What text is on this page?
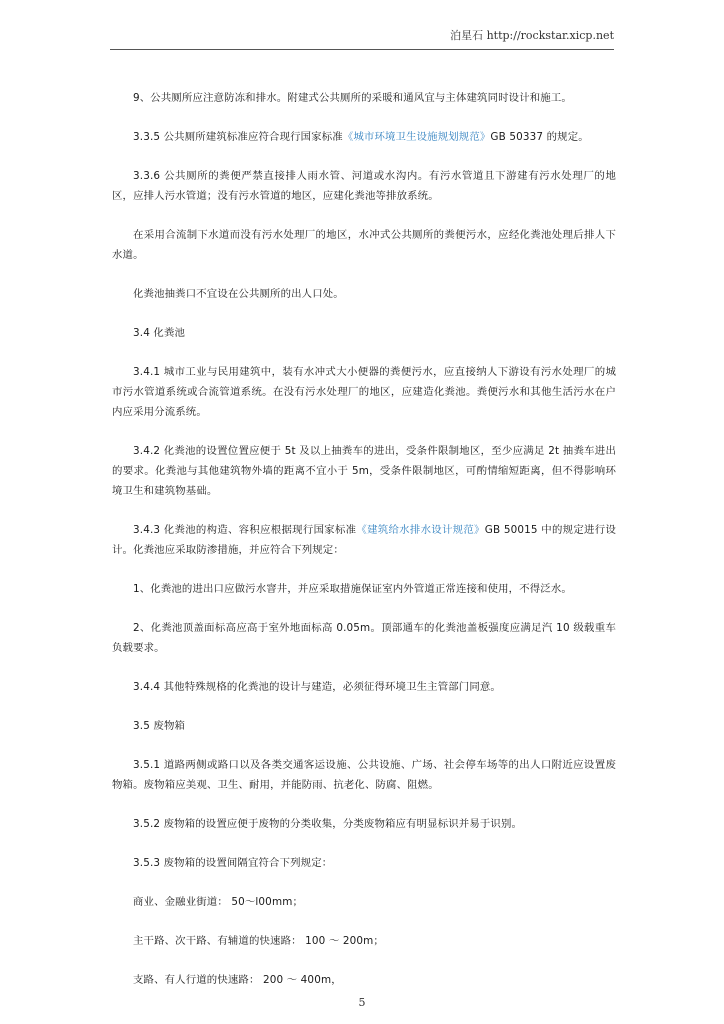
泊星石 http://rockstar.xicp.net

9、公共厕所应注意防冻和排水。附建式公共厕所的采暖和通风宜与主体建筑同时设计和施工。

3.3.5 公共厕所建筑标准应符合现行国家标准《城市环境卫生设施规划规范》GB 50337 的规定。

3.3.6 公共厕所的粪便严禁直接排人雨水管、河道或水沟内。有污水管道且下游建有污水处理厂的地区，应排人污水管道；没有污水管道的地区，应建化粪池等排放系统。

在采用合流制下水道而没有污水处理厂的地区，水冲式公共厕所的粪便污水，应经化粪池处理后排人下水道。

化粪池抽粪口不宜设在公共厕所的出人口处。

3.4 化粪池

3.4.1 城市工业与民用建筑中，装有水冲式大小便器的粪便污水，应直接纳人下游设有污水处理厂的城市污水管道系统或合流管道系统。在没有污水处理厂的地区，应建造化粪池。粪便污水和其他生活污水在户内应采用分流系统。

3.4.2 化粪池的设置位置应便于 5t 及以上抽粪车的进出，受条件限制地区，至少应满足 2t 抽粪车进出的要求。化粪池与其他建筑物外墙的距离不宜小于 5m，受条件限制地区，可酌情缩短距离，但不得影响环境卫生和建筑物基础。

3.4.3 化粪池的构造、容积应根据现行国家标准《建筑给水排水设计规范》GB 50015 中的规定进行设计。化粪池应采取防渗措施，并应符合下列规定：

1、化粪池的进出口应做污水窨井，并应采取措施保证室内外管道正常连接和使用，不得泛水。

2、化粪池顶盖面标高应高于室外地面标高 0.05m。顶部通车的化粪池盖板强度应满足汽 10 级载重车负载要求。

3.4.4 其他特殊规格的化粪池的设计与建造，必须征得环境卫生主管部门同意。

3.5 废物箱

3.5.1 道路两侧或路口以及各类交通客运设施、公共设施、广场、社会停车场等的出人口附近应设置废物箱。废物箱应美观、卫生、耐用，并能防雨、抗老化、防腐、阻燃。

3.5.2 废物箱的设置应便于废物的分类收集，分类废物箱应有明显标识并易于识别。

3.5.3 废物箱的设置间隔宜符合下列规定：

商业、金融业街道： 50～l00mm；

主干路、次干路、有辅道的快速路： 100 ～ 200m；

支路、有人行道的快速路： 200 ～ 400m，

5
